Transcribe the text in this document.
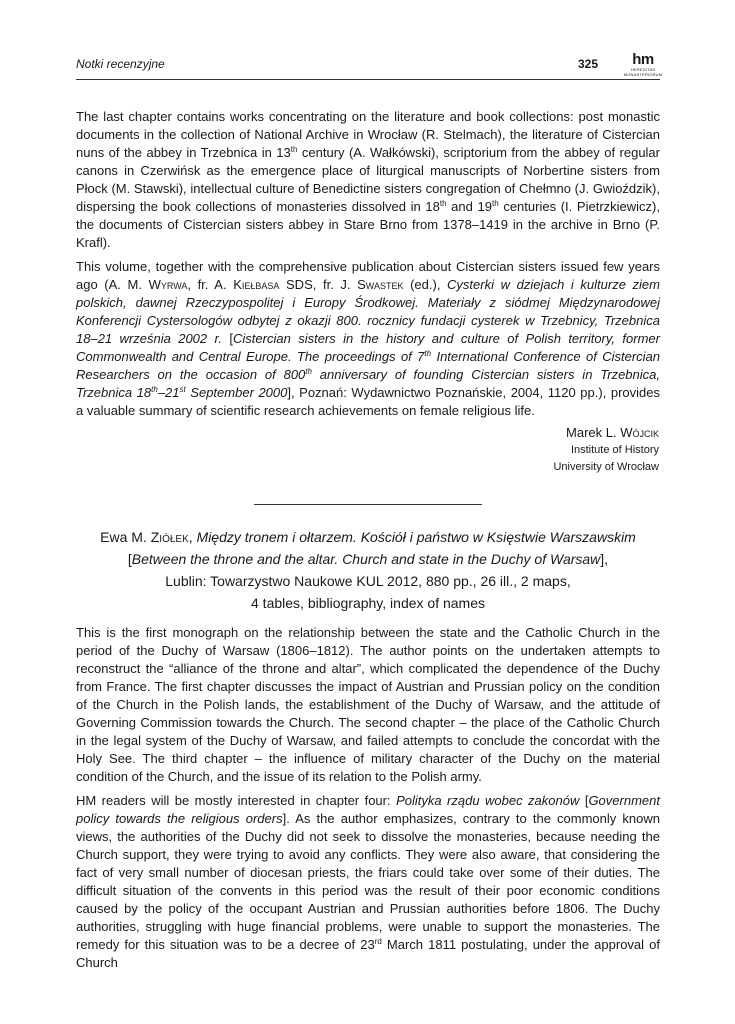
Notki recenzyjne	325	hm
HEREDITAS MONASTERIORUM

The last chapter contains works concentrating on the literature and book collections: post monastic documents in the collection of National Archive in Wrocław (R. Stelmach), the literature of Cistercian nuns of the abbey in Trzebnica in 13th century (A. Wałkówski), scriptorium from the abbey of regular canons in Czerwińsk as the emergence place of liturgical manuscripts of Norbertine sisters from Płock (M. Stawski), intellectual culture of Benedictine sisters congregation of Chełmno (J. Gwioździk), dispersing the book collections of monasteries dissolved in 18th and 19th centuries (I. Pietrzkiewicz), the documents of Cistercian sisters abbey in Stare Brno from 1378–1419 in the archive in Brno (P. Krafl).

This volume, together with the comprehensive publication about Cistercian sisters issued few years ago (A. M. Wyrwa, fr. A. Kiełbasa SDS, fr. J. Swastek (ed.), Cysterki w dziejach i kulturze ziem polskich, dawnej Rzeczypospolitej i Europy Środkowej. Materiały z siódmej Międzynarodowej Konferencji Cystersologów odbytej z okazji 800. rocznicy fundacji cysterek w Trzebnicy, Trzebnica 18–21 września 2002 r. [Cistercian sisters in the history and culture of Polish territory, former Commonwealth and Central Europe. The proceedings of 7th International Conference of Cistercian Researchers on the occasion of 800th anniversary of founding Cistercian sisters in Trzebnica, Trzebnica 18th–21st September 2000], Poznań: Wydawnictwo Poznańskie, 2004, 1120 pp.), provides a valuable summary of scientific research achievements on female religious life.

Marek L. Wójcik
Institute of History
University of Wrocław
Ewa M. Ziółek, Między tronem i ołtarzem. Kościół i państwo w Księstwie Warszawskim
[Between the throne and the altar. Church and state in the Duchy of Warsaw],
Lublin: Towarzystwo Naukowe KUL 2012, 880 pp., 26 ill., 2 maps,
4 tables, bibliography, index of names

This is the first monograph on the relationship between the state and the Catholic Church in the period of the Duchy of Warsaw (1806–1812). The author points on the undertaken attempts to reconstruct the “alliance of the throne and altar”, which complicated the dependence of the Duchy from France. The first chapter discusses the impact of Austrian and Prussian policy on the condition of the Church in the Polish lands, the establishment of the Duchy of Warsaw, and the attitude of Governing Commission towards the Church. The second chapter – the place of the Catholic Church in the legal system of the Duchy of Warsaw, and failed attempts to conclude the concordat with the Holy See. The third chapter – the influence of military character of the Duchy on the material condition of the Church, and the issue of its relation to the Polish army.

HM readers will be mostly interested in chapter four: Polityka rządu wobec zakonów [Government policy towards the religious orders]. As the author emphasizes, contrary to the commonly known views, the authorities of the Duchy did not seek to dissolve the monasteries, because needing the Church support, they were trying to avoid any conflicts. They were also aware, that considering the fact of very small number of diocesan priests, the friars could take over some of their duties. The difficult situation of the convents in this period was the result of their poor economic conditions caused by the policy of the occupant Austrian and Prussian authorities before 1806. The Duchy authorities, struggling with huge financial problems, were unable to support the monasteries. The remedy for this situation was to be a decree of 23rd March 1811 postulating, under the approval of Church
